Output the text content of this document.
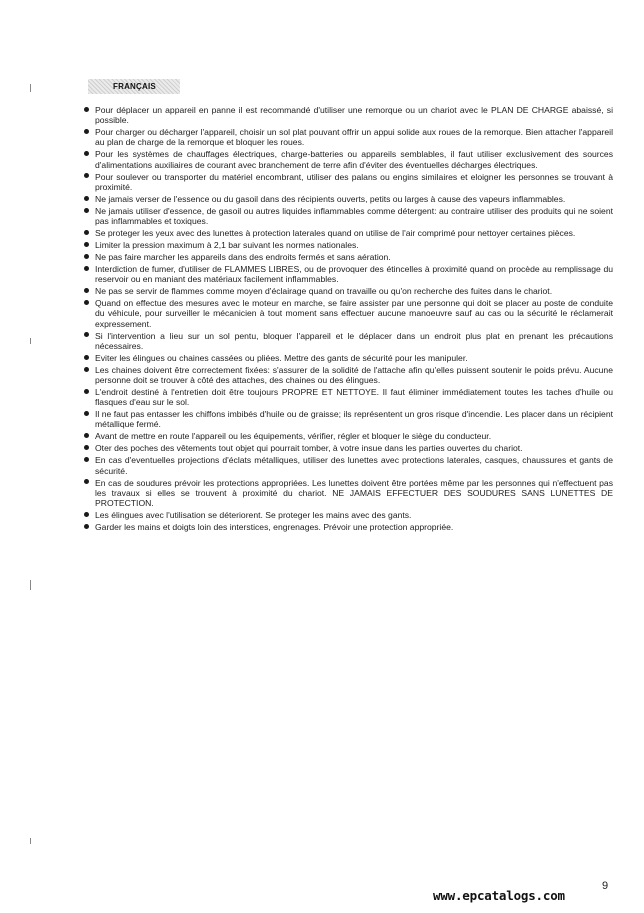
FRANÇAIS
Pour déplacer un appareil en panne il est recommandé d'utiliser une remorque ou un chariot avec le PLAN DE CHARGE abaissé, si possible.
Pour charger ou décharger l'appareil, choisir un sol plat pouvant offrir un appui solide aux roues de la remorque. Bien attacher l'appareil au plan de charge de la remorque et bloquer les roues.
Pour les systèmes de chauffages électriques, charge-batteries ou appareils semblables, il faut utiliser exclusivement des sources d'alimentations auxiliaires de courant avec branchement de terre afin d'éviter des éventuelles décharges électriques.
Pour soulever ou transporter du matériel encombrant, utiliser des palans ou engins similaires et eloigner les personnes se trouvant à proximité.
Ne jamais verser de l'essence ou du gasoil dans des récipients ouverts, petits ou larges à cause des vapeurs inflammables.
Ne jamais utiliser d'essence, de gasoil ou autres liquides inflammables comme détergent: au contraire utiliser des produits qui ne soient pas inflammables et toxiques.
Se proteger les yeux avec des lunettes à protection laterales quand on utilise de l'air comprimé pour nettoyer certaines pièces.
Limiter la pression maximum à 2,1 bar suivant les normes nationales.
Ne pas faire marcher les appareils dans des endroits fermés et sans aération.
Interdiction de fumer, d'utiliser de FLAMMES LIBRES, ou de provoquer des étincelles à proximité quand on procède au remplissage du reservoir ou en maniant des matériaux facilement inflammables.
Ne pas se servir de flammes comme moyen d'éclairage quand on travaille ou qu'on recherche des fuites dans le chariot.
Quand on effectue des mesures avec le moteur en marche, se faire assister par une personne qui doit se placer au poste de conduite du véhicule, pour surveiller le mécanicien à tout moment sans effectuer aucune manoeuvre sauf au cas ou la sécurité le réclamerait expressement.
Si l'intervention a lieu sur un sol pentu, bloquer l'appareil et le déplacer dans un endroit plus plat en prenant les précautions nécessaires.
Eviter les élingues ou chaines cassées ou pliées. Mettre des gants de sécurité pour les manipuler.
Les chaines doivent être correctement fixées: s'assurer de la solidité de l'attache afin qu'elles puissent soutenir le poids prévu. Aucune personne doit se trouver à côté des attaches, des chaines ou des élingues.
L'endroit destiné à l'entretien doit être toujours PROPRE ET NETTOYE. Il faut éliminer immédiatement toutes les taches d'huile ou flasques d'eau sur le sol.
Il ne faut pas entasser les chiffons imbibés d'huile ou de graisse; ils représentent un gros risque d'incendie. Les placer dans un récipient métallique fermé.
Avant de mettre en route l'appareil ou les équipements, vérifier, régler et bloquer le siège du conducteur.
Oter des poches des vêtements tout objet qui pourrait tomber, à votre insue dans les parties ouvertes du chariot.
En cas d'eventuelles projections d'éclats métalliques, utiliser des lunettes avec protections laterales, casques, chaussures et gants de sécurité.
En cas de soudures prévoir les protections appropriées. Les lunettes doivent être portées même par les personnes qui n'effectuent pas les travaux si elles se trouvent à proximité du chariot. NE JAMAIS EFFECTUER DES SOUDURES SANS LUNETTES DE PROTECTION.
Les élingues avec l'utilisation se déteriorent. Se proteger les mains avec des gants.
Garder les mains et doigts loin des interstices, engrenages. Prévoir une protection appropriée.
www.epcatalogs.com
9
